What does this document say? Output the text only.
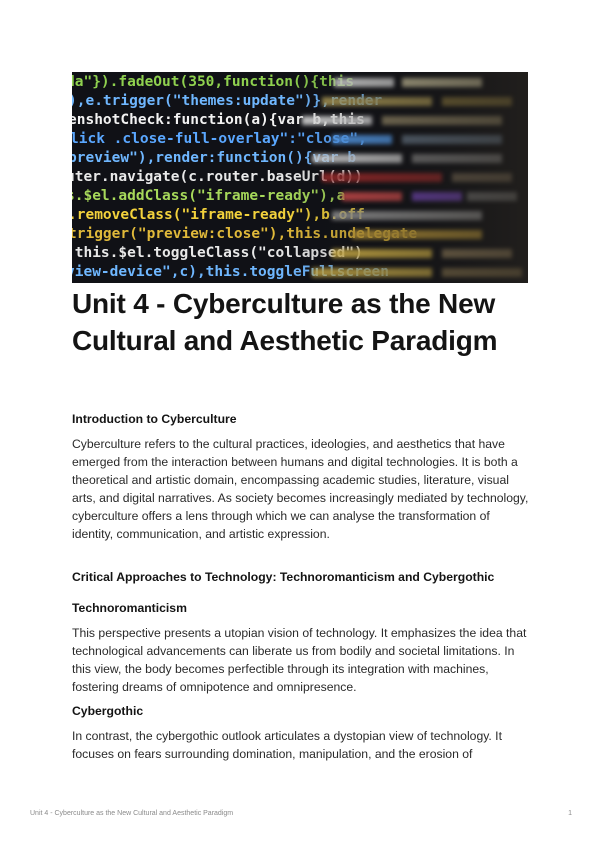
Unit 4 - Cyberculture as the New Cultural and Aesthetic Paradigm
Introduction to Cyberculture

Cyberculture refers to the cultural practices, ideologies, and aesthetics that have emerged from the interaction between humans and digital technologies. It is both a theoretical and artistic domain, encompassing academic studies, literature, visual arts, and digital narratives. As society becomes increasingly mediated by technology, cyberculture offers a lens through which we can analyse the transformation of identity, communication, and artistic expression.

Critical Approaches to Technology: Technoromanticism and Cybergothic
Technoromanticism

This perspective presents a utopian vision of technology. It emphasizes the idea that technological advancements can liberate us from bodily and societal limitations. In this view, the body becomes perfectible through its integration with machines, fostering dreams of omnipotence and omnipresence.

Cybergothic

In contrast, the cybergothic outlook articulates a dystopian view of technology. It focuses on fears surrounding domination, manipulation, and the erosion of

Unit 4 - Cyberculture as the New Cultural and Aesthetic Paradigm	1
